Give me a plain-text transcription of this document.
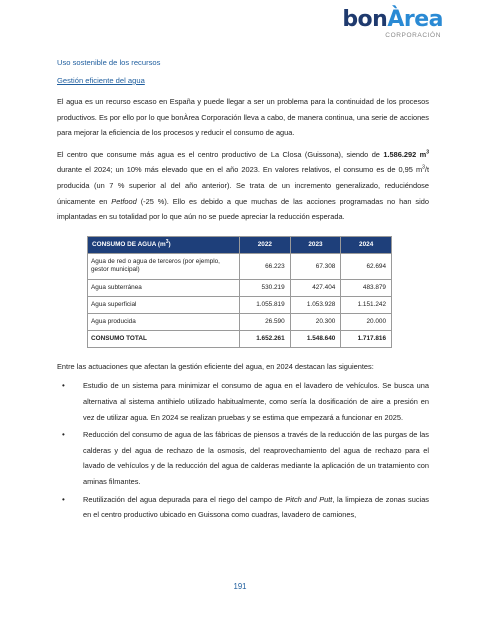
bonÀrea
CORPORACIÓN
Uso sostenible de los recursos
Gestión eficiente del agua

El agua es un recurso escaso en España y puede llegar a ser un problema para la continuidad de los procesos productivos. Es por ello por lo que bonÀrea Corporación lleva a cabo, de manera continua, una serie de acciones para mejorar la eficiencia de los procesos y reducir el consumo de agua.

El centro que consume más agua es el centro productivo de La Closa (Guissona), siendo de 1.586.292 $m^3$ durante el 2024; un 10% más elevado que en el año 2023. En valores relativos, el consumo es de 0,95 $m^3/t$ producida (un 7 % superior al del año anterior). Se trata de un incremento generalizado, reduciéndose únicamente en Petfood (-25 %). Ello es debido a que muchas de las acciones programadas no han sido implantadas en su totalidad por lo que aún no se puede apreciar la reducción esperada.

CONSUMO DE AGUA $(m^3)$	2022	2023	2024
Agua de red o agua de terceros (por ejemplo, gestor municipal)	66.223	67.308	62.694
Agua subterránea	530.219	427.404	483.879
Agua superficial	1.055.819	1.053.928	1.151.242
Agua producida	26.590	20.300	20.000
CONSUMO TOTAL	1.652.261	1.548.640	1.717.816

Entre las actuaciones que afectan la gestión eficiente del agua, en 2024 destacan las siguientes:

• Estudio de un sistema para minimizar el consumo de agua en el lavadero de vehículos. Se busca una alternativa al sistema antihielo utilizado habitualmente, como sería la dosificación de aire a presión en vez de utilizar agua. En 2024 se realizan pruebas y se estima que empezará a funcionar en 2025.
• Reducción del consumo de agua de las fábricas de piensos a través de la reducción de las purgas de las calderas y del agua de rechazo de la osmosis, del reaprovechamiento del agua de rechazo para el lavado de vehículos y de la reducción del agua de calderas mediante la aplicación de un tratamiento con aminas filmantes.
• Reutilización del agua depurada para el riego del campo de Pitch and Putt, la limpieza de zonas sucias en el centro productivo ubicado en Guissona como cuadras, lavadero de camiones,
191
